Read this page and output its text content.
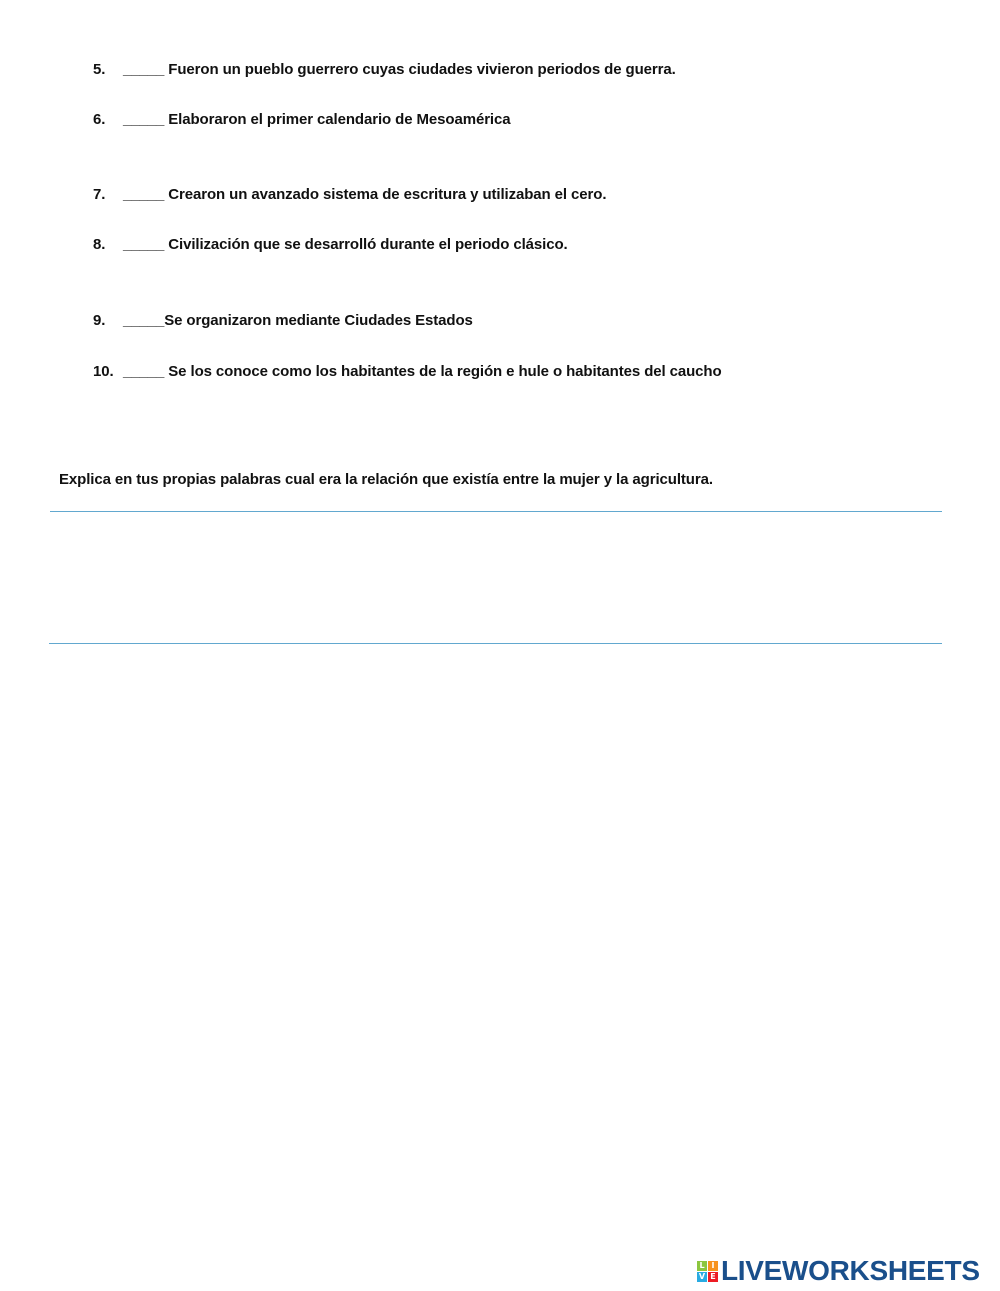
5. _____ Fueron un pueblo guerrero cuyas ciudades vivieron periodos de guerra.
6. _____ Elaboraron el primer calendario de Mesoamérica
7. _____ Crearon un avanzado sistema de escritura y utilizaban el cero.
8. _____ Civilización que se desarrolló durante el periodo clásico.
9. _____Se organizaron mediante Ciudades Estados
10. _____ Se los conoce como los habitantes de la región e hule o habitantes del caucho
Explica en tus propias palabras cual era la relación que existía entre la mujer y la agricultura.
L I
V E LIVEWORKSHEETS
